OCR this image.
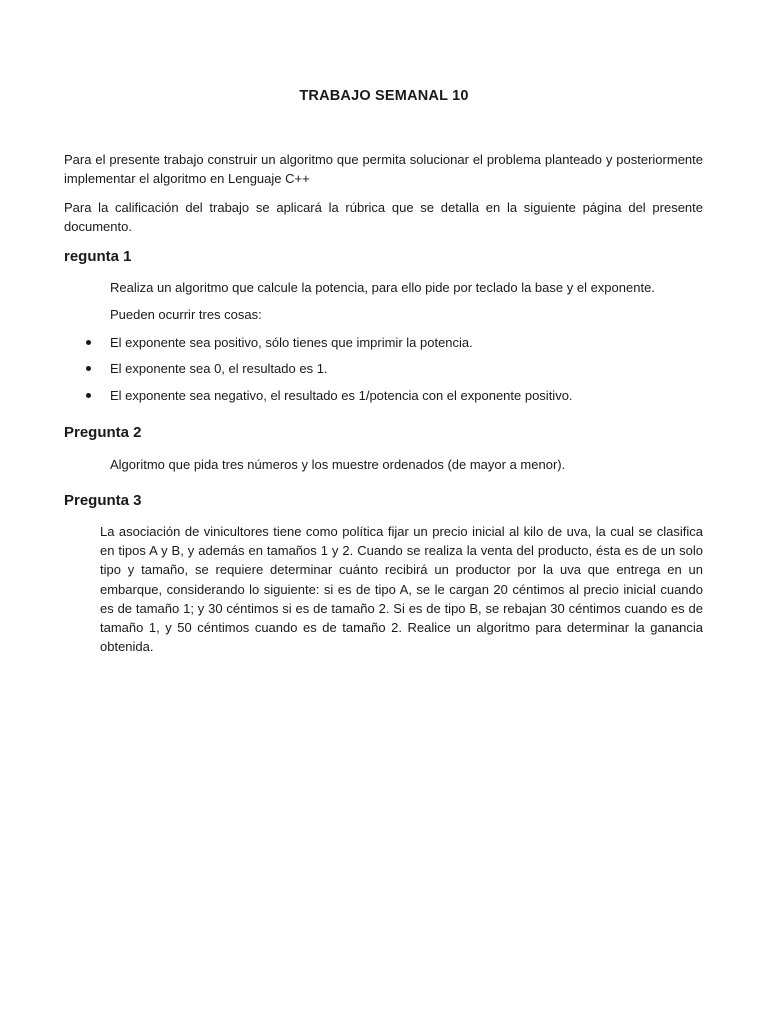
TRABAJO SEMANAL 10
Para el presente trabajo construir un algoritmo que permita solucionar el problema planteado y posteriormente implementar el algoritmo en Lenguaje C++
Para la calificación del trabajo se aplicará la rúbrica que se detalla en la siguiente página del presente documento.
regunta 1
Realiza un algoritmo que calcule la potencia, para ello pide por teclado la base y el exponente.
Pueden ocurrir tres cosas:
El exponente sea positivo, sólo tienes que imprimir la potencia.
El exponente sea 0, el resultado es 1.
El exponente sea negativo, el resultado es 1/potencia con el exponente positivo.
Pregunta 2
Algoritmo que pida tres números y los muestre ordenados (de mayor a menor).
Pregunta 3
La asociación de vinicultores tiene como política fijar un precio inicial al kilo de uva, la cual se clasifica en tipos A y B, y además en tamaños 1 y 2. Cuando se realiza la venta del producto, ésta es de un solo tipo y tamaño, se requiere determinar cuánto recibirá un productor por la uva que entrega en un embarque, considerando lo siguiente: si es de tipo A, se le cargan 20 céntimos al precio inicial cuando es de tamaño 1; y 30 céntimos si es de tamaño 2. Si es de tipo B, se rebajan 30 céntimos cuando es de tamaño 1, y 50 céntimos cuando es de tamaño 2. Realice un algoritmo para determinar la ganancia obtenida.
